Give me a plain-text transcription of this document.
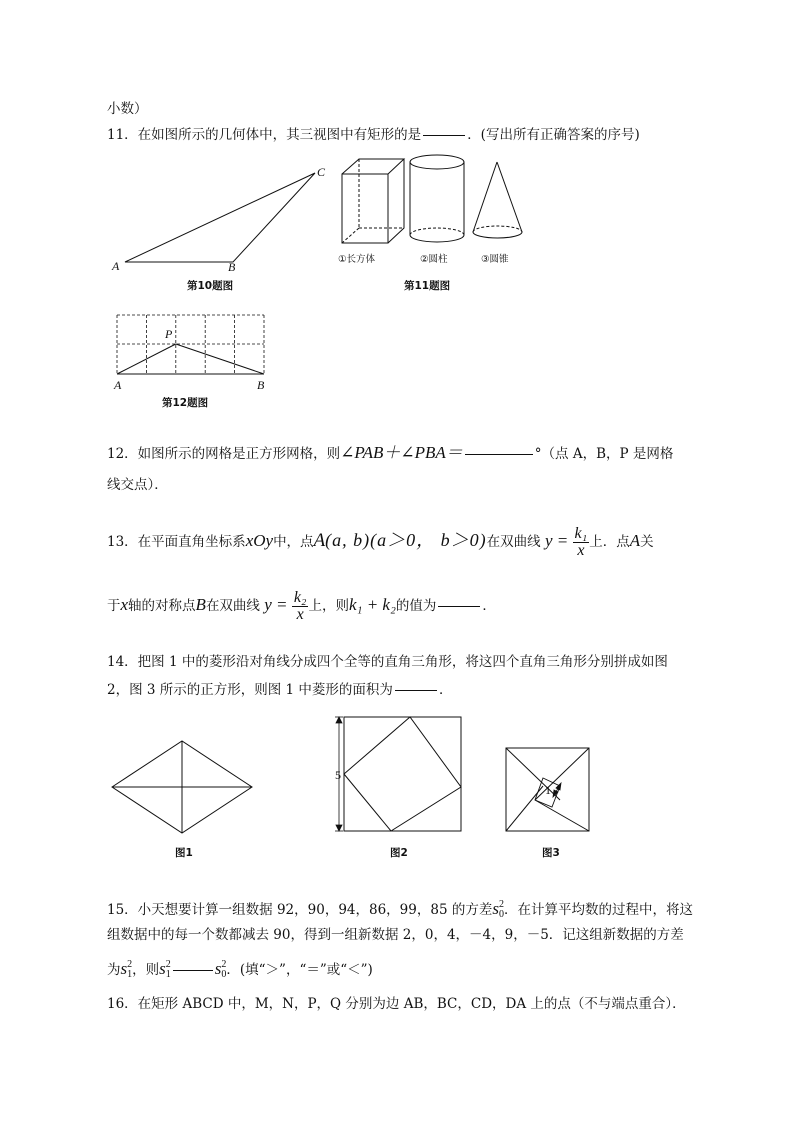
小数）
11．在如图所示的几何体中，其三视图中有矩形的是	．(写出所有正确答案的序号)
A	B
C
第10题图
①长方体	②圆柱	③圆锥
第11题图
P
A	B
第12题图
12．如图所示的网格是正方形网格，则∠PAB＋∠PBA＝	°（点 A，B，P 是网格
线交点）．
13．在平面直角坐标系xOy中，点A(a, b)(a＞0， b＞0)在双曲线 $y = \frac{\text{k₁}}{x}$ 上．点A关
于x轴的对称点B在双曲线 $y = \frac{\text{k₂}}{x}$ 上，则k₁ + k₂的值为	．
14．把图 1 中的菱形沿对角线分成四个全等的直角三角形，将这四个直角三角形分别拼成如图
2，图 3 所示的正方形，则图 1 中菱形的面积为	．
图1
5
图2
1
图3
15．小天想要计算一组数据 92，90，94，86，99，85 的方差s 2
0 ．在计算平均数的过程中，将这
组数据中的每一个数都减去 90，得到一组新数据 2，0，4，－4，9，－5．记这组新数据的方差
为s 2
1 ，则s 2
1	s 2
0 ．(填“＞”，“＝”或“＜”)
16．在矩形 ABCD 中，M，N，P，Q 分别为边 AB，BC，CD，DA 上的点（不与端点重合）．
